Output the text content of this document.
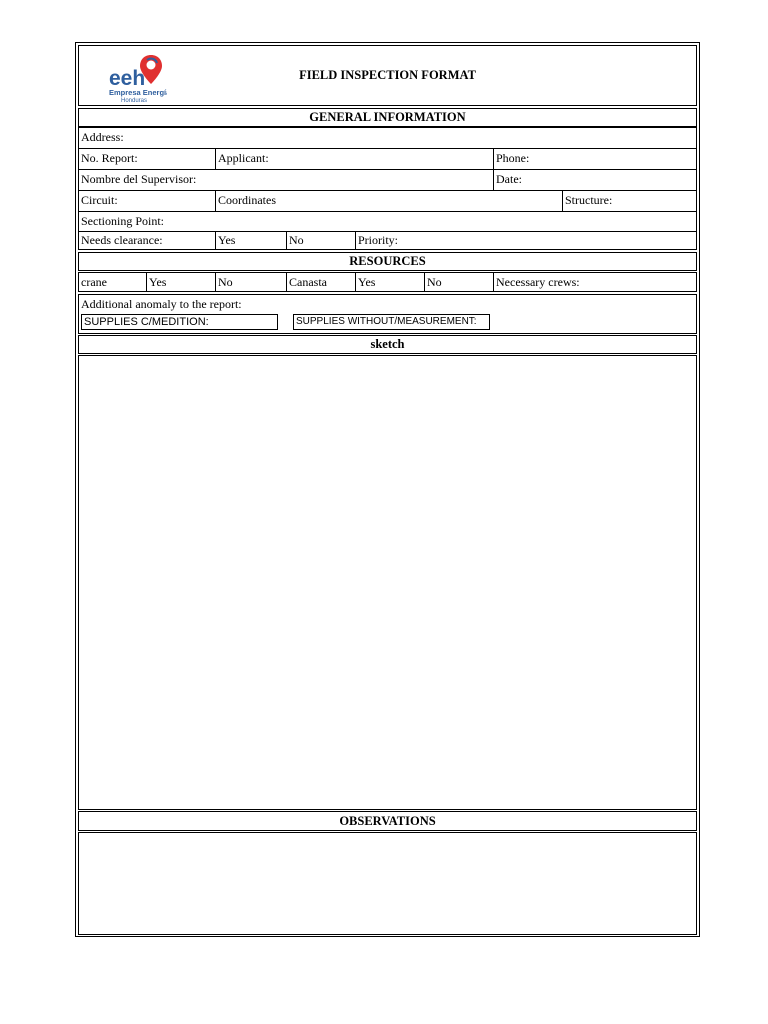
eeh
Empresa Energía
Honduras
FIELD INSPECTION FORMAT
GENERAL INFORMATION
Address:
No. Report:	Applicant:	Phone:
Nombre del Supervisor:	Date:
Circuit:	Coordinates	Structure:
Sectioning Point:
Needs clearance:	Yes	No	Priority:
RESOURCES
crane	Yes	No	Canasta	Yes	No	Necessary crews:
Additional anomaly to the report:
SUPPLIES C/MEDITION:	SUPPLIES WITHOUT/MEASUREMENT:
sketch
OBSERVATIONS
